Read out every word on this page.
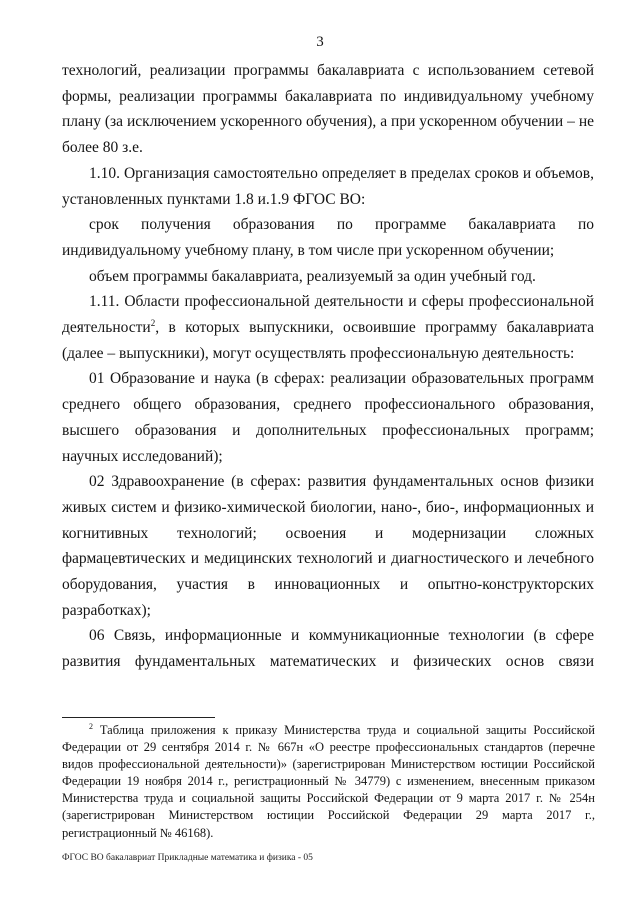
3

технологий, реализации программы бакалавриата с использованием сетевой формы, реализации программы бакалавриата по индивидуальному учебному плану (за исключением ускоренного обучения), а при ускоренном обучении – не более 80 з.е.

1.10. Организация самостоятельно определяет в пределах сроков и объемов, установленных пунктами 1.8 и.1.9 ФГОС ВО:

срок получения образования по программе бакалавриата по индивидуальному учебному плану, в том числе при ускоренном обучении;

объем программы бакалавриата, реализуемый за один учебный год.

1.11. Области профессиональной деятельности и сферы профессиональной деятельности$^2$, в которых выпускники, освоившие программу бакалавриата (далее – выпускники), могут осуществлять профессиональную деятельность:

01 Образование и наука (в сферах: реализации образовательных программ среднего общего образования, среднего профессионального образования, высшего образования и дополнительных профессиональных программ; научных исследований);

02 Здравоохранение (в сферах: развития фундаментальных основ физики живых систем и физико-химической биологии, нано-, био-, информационных и когнитивных технологий; освоения и модернизации сложных фармацевтических и медицинских технологий и диагностического и лечебного оборудования, участия в инновационных и опытно-конструкторских разработках);

06 Связь, информационные и коммуникационные технологии (в сфере развития фундаментальных математических и физических основ связи

$^2$ Таблица приложения к приказу Министерства труда и социальной защиты Российской Федерации от 29 сентября 2014 г. № 667н «О реестре профессиональных стандартов (перечне видов профессиональной деятельности)» (зарегистрирован Министерством юстиции Российской Федерации 19 ноября 2014 г., регистрационный № 34779) с изменением, внесенным приказом Министерства труда и социальной защиты Российской Федерации от 9 марта 2017 г. № 254н (зарегистрирован Министерством юстиции Российской Федерации 29 марта 2017 г., регистрационный № 46168).
ФГОС ВО бакалавриат Прикладные математика и физика - 05
